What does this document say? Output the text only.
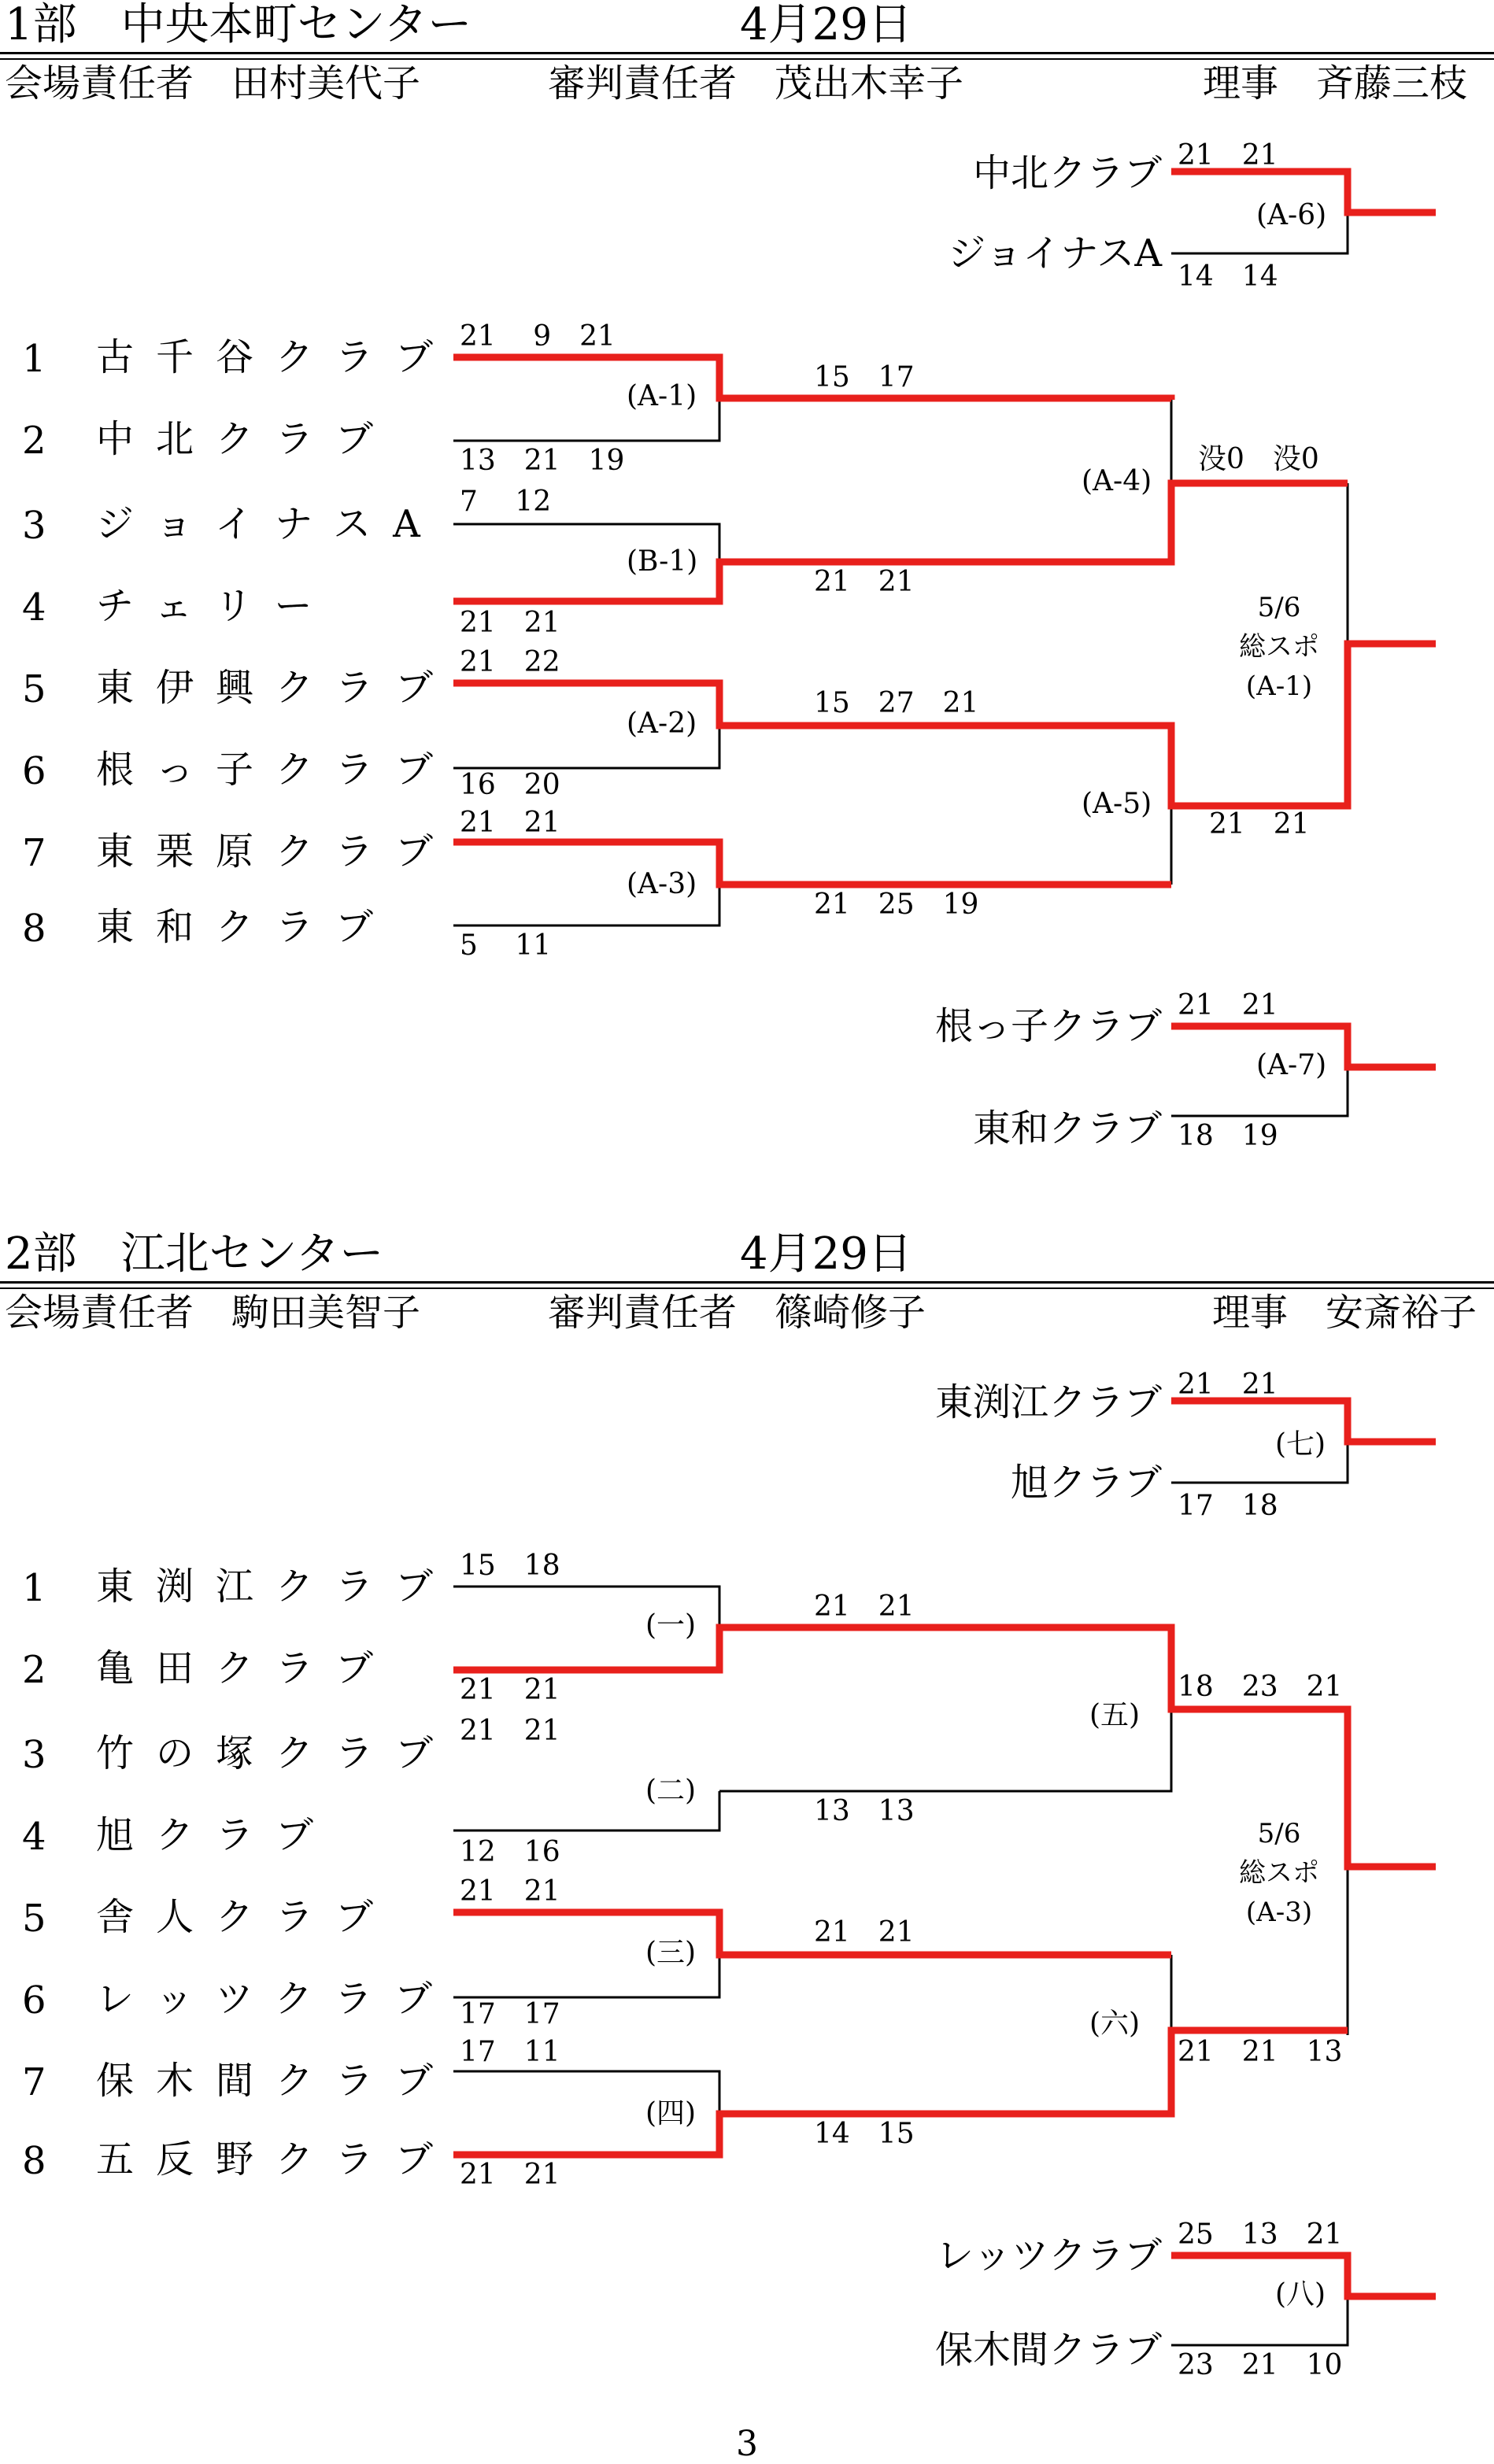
1部　中央本町センター	4月29日
会場責任者　田村美代子	審判責任者　茂出木幸子	理事　斉藤三枝
1 古千谷クラブ
2 中北クラブ
3 ジョイナスA
4 チェリー
5 東伊興クラブ
6 根っ子クラブ
7 東栗原クラブ
8 東和クラブ
21　 9　21
(A-1)
13　21　19
7　 12
(B-1)
21　21
21　22
(A-2)
16　20
21　21
(A-3)
5　 11
15　17
21　21
(A-4)
15　27　21
21　25　19
(A-5)
没0　没0
21　21
5/6
総スポ
(A-1)
中北クラブ
ジョイナスA
21　21
14　14
(A-6)
根っ子クラブ
東和クラブ
21　21
18　19
(A-7)
2部　江北センター	4月29日
会場責任者　駒田美智子	審判責任者　篠崎修子	理事　安斎裕子
1 東渕江クラブ
2 亀田クラブ
3 竹の塚クラブ
4 旭クラブ
5 舎人クラブ
6 レッツクラブ
7 保木間クラブ
8 五反野クラブ
15　18
(一)
21　21
21　21
(二)
12　16
21　21
(三)
17　17
17　11
(四)
21　21
21　21
13　13
(五)
21　21
14　15
(六)
18　23　21
21　21　13
5/6
総スポ
(A-3)
東渕江クラブ
旭クラブ
21　21
17　18
(七)
レッツクラブ
保木間クラブ
25　13　21
23　21　10
(八)
3
